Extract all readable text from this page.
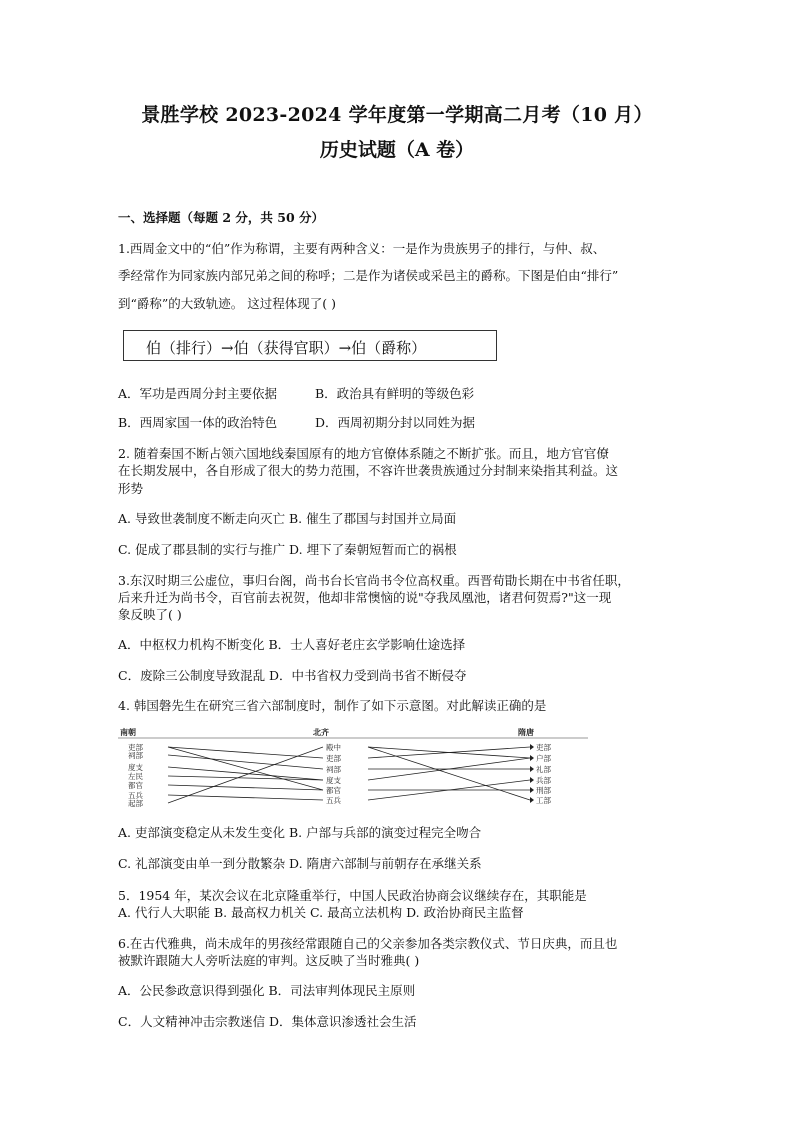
景胜学校 2023-2024 学年度第一学期高二月考（10 月）
历史试题（A 卷）
一、选择题（每题 2 分，共 50 分）
1.西周金文中的“伯”作为称谓，主要有两种含义：一是作为贵族男子的排行，与仲、叔、
季经常作为同家族内部兄弟之间的称呼；二是作为诸侯或采邑主的爵称。下图是伯由“排行”
到“爵称”的大致轨迹。 这过程体现了( )
伯（排行）→伯（获得官职）→伯（爵称）
A．军功是西周分封主要依据	B．政治具有鲜明的等级色彩
B．西周家国一体的政治特色	D．西周初期分封以同姓为据
2. 随着秦国不断占领六国地线秦国原有的地方官僚体系随之不断扩张。而且，地方官官僚
在长期发展中，各自形成了很大的势力范围，不容许世袭贵族通过分封制来染指其利益。这
形势
A. 导致世袭制度不断走向灭亡 B. 催生了郡国与封国并立局面
C. 促成了郡县制的实行与推广 D. 埋下了秦朝短暂而亡的祸根
3.东汉时期三公虚位，事归台阁，尚书台长官尚书令位高权重。西晋荀勖长期在中书省任职，
后来升迁为尚书令，百官前去祝贺，他却非常懊恼的说"夺我凤凰池，诸君何贺焉?"这一现
象反映了( )
A．中枢权力机构不断变化 B．士人喜好老庄玄学影响仕途选择
C．废除三公制度导致混乱 D．中书省权力受到尚书省不断侵夺
4. 韩国磐先生在研究三省六部制度时，制作了如下示意图。对此解读正确的是
南朝	北齐	隋唐
吏部
祠部
度支
左民
都官
五兵
起部
殿中
吏部
祠部
度支
都官
五兵
吏部
户部
礼部
兵部
刑部
工部
A. 吏部演变稳定从未发生变化 B. 户部与兵部的演变过程完全吻合
C. 礼部演变由单一到分散繁杂 D. 隋唐六部制与前朝存在承继关系
5．1954 年，某次会议在北京隆重举行，中国人民政治协商会议继续存在，其职能是
A. 代行人大职能 B. 最高权力机关 C. 最高立法机构 D. 政治协商民主监督
6.在古代雅典，尚未成年的男孩经常跟随自己的父亲参加各类宗教仪式、节日庆典，而且也
被默许跟随大人旁听法庭的审判。这反映了当时雅典( )
A．公民参政意识得到强化 B．司法审判体现民主原则
C．人文精神冲击宗教迷信 D．集体意识渗透社会生活
